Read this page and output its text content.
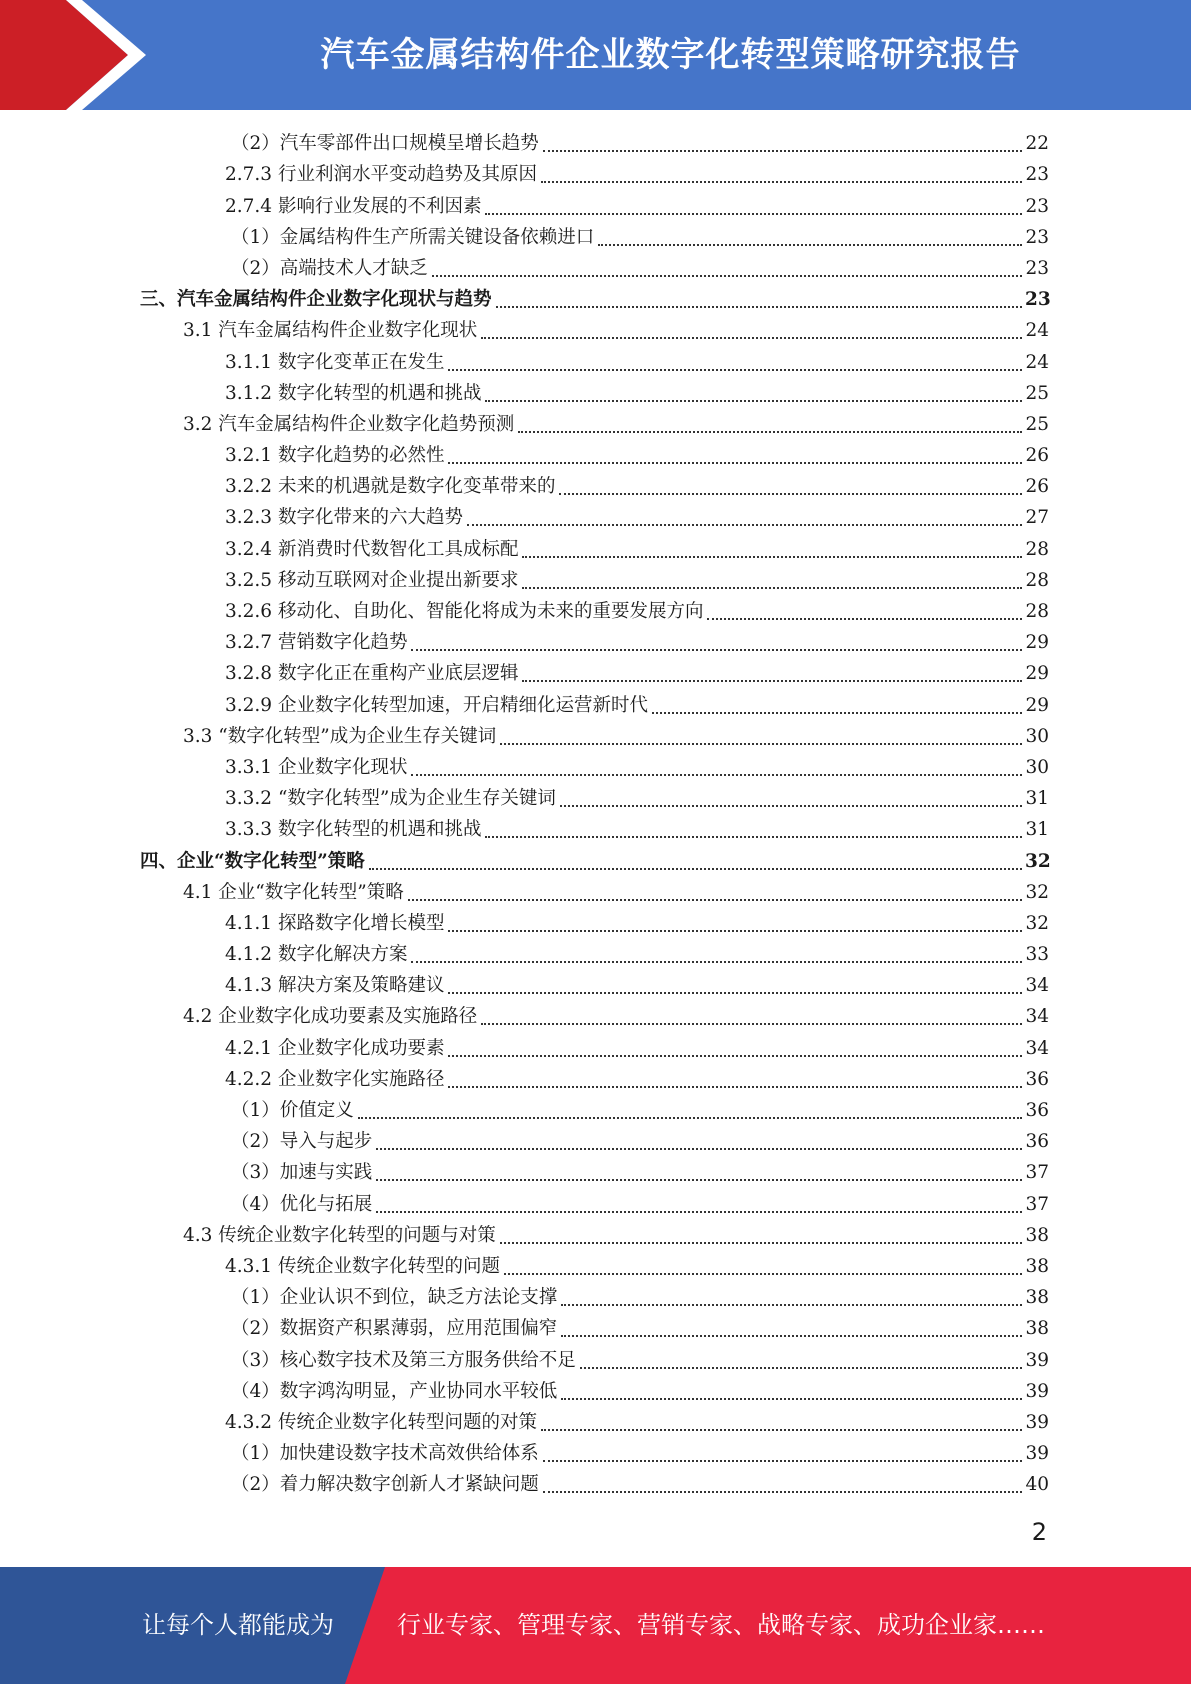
汽车金属结构件企业数字化转型策略研究报告
（2）汽车零部件出口规模呈增长趋势	22
2.7.3 行业利润水平变动趋势及其原因	23
2.7.4 影响行业发展的不利因素	23
（1）金属结构件生产所需关键设备依赖进口	23
（2）高端技术人才缺乏	23
三、汽车金属结构件企业数字化现状与趋势	23
3.1 汽车金属结构件企业数字化现状	24
3.1.1 数字化变革正在发生	24
3.1.2 数字化转型的机遇和挑战	25
3.2 汽车金属结构件企业数字化趋势预测	25
3.2.1 数字化趋势的必然性	26
3.2.2 未来的机遇就是数字化变革带来的	26
3.2.3 数字化带来的六大趋势	27
3.2.4 新消费时代数智化工具成标配	28
3.2.5 移动互联网对企业提出新要求	28
3.2.6 移动化、自助化、智能化将成为未来的重要发展方向	28
3.2.7 营销数字化趋势	29
3.2.8 数字化正在重构产业底层逻辑	29
3.2.9 企业数字化转型加速，开启精细化运营新时代	29
3.3 “数字化转型”成为企业生存关键词	30
3.3.1 企业数字化现状	30
3.3.2 “数字化转型”成为企业生存关键词	31
3.3.3 数字化转型的机遇和挑战	31
四、企业“数字化转型”策略	32
4.1 企业“数字化转型”策略	32
4.1.1 探路数字化增长模型	32
4.1.2 数字化解决方案	33
4.1.3 解决方案及策略建议	34
4.2 企业数字化成功要素及实施路径	34
4.2.1 企业数字化成功要素	34
4.2.2 企业数字化实施路径	36
（1）价值定义	36
（2）导入与起步	36
（3）加速与实践	37
（4）优化与拓展	37
4.3 传统企业数字化转型的问题与对策	38
4.3.1 传统企业数字化转型的问题	38
（1）企业认识不到位，缺乏方法论支撑	38
（2）数据资产积累薄弱，应用范围偏窄	38
（3）核心数字技术及第三方服务供给不足	39
（4）数字鸿沟明显，产业协同水平较低	39
4.3.2 传统企业数字化转型问题的对策	39
（1）加快建设数字技术高效供给体系	39
（2）着力解决数字创新人才紧缺问题	40
2
让每个人都能成为	行业专家、管理专家、营销专家、战略专家、成功企业家……
